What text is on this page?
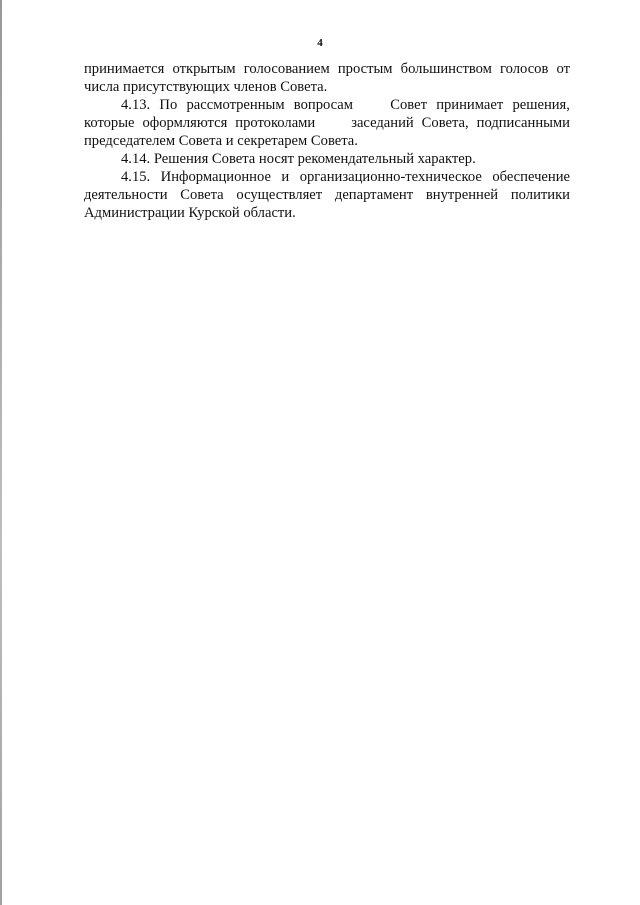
4
принимается открытым голосованием простым большинством голосов от
числа присутствующих членов Совета.
4.13. По рассмотренным вопросам	Совет принимает решения,
которые оформляются протоколами заседаний Совета, подписанными
председателем Совета и секретарем Совета.
4.14. Решения Совета носят рекомендательный характер.
4.15. Информационное и организационно-техническое обеспечение
деятельности Совета осуществляет департамент внутренней политики
Администрации Курской области.
